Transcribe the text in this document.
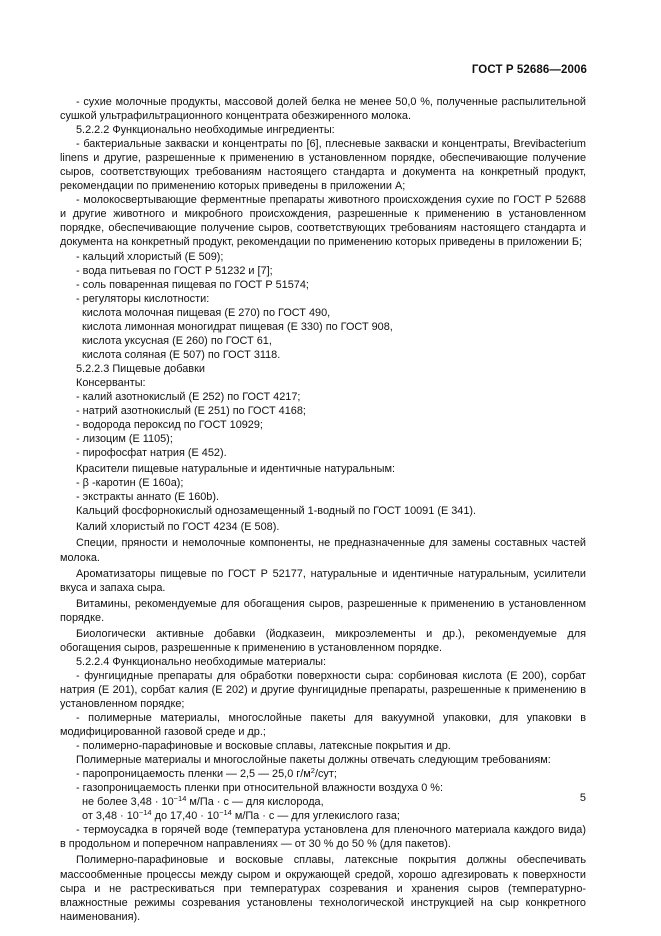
ГОСТ Р 52686—2006

- сухие молочные продукты, массовой долей белка не менее 50,0 %, полученные распылительной сушкой ультрафильтрационного концентрата обезжиренного молока.

5.2.2.2 Функционально необходимые ингредиенты:

- бактериальные закваски и концентраты по [6], плесневые закваски и концентраты, Brevibacterium linens и другие, разрешенные к применению в установленном порядке, обеспечивающие получение сыров, соответствующих требованиям настоящего стандарта и документа на конкретный продукт, рекомендации по применению которых приведены в приложении А;

- молокосвертывающие ферментные препараты животного происхождения сухие по ГОСТ Р 52688 и другие животного и микробного происхождения, разрешенные к применению в установленном порядке, обеспечивающие получение сыров, соответствующих требованиям настоящего стандарта и документа на конкретный продукт, рекомендации по применению которых приведены в приложении Б;

- кальций хлористый (Е 509);

- вода питьевая по ГОСТ Р 51232 и [7];

- соль поваренная пищевая по ГОСТ Р 51574;

- регуляторы кислотности:

кислота молочная пищевая (Е 270) по ГОСТ 490,

кислота лимонная моногидрат пищевая (Е 330) по ГОСТ 908,

кислота уксусная (Е 260) по ГОСТ 61,

кислота соляная (Е 507) по ГОСТ 3118.

5.2.2.3 Пищевые добавки

Консерванты:

- калий азотнокислый (Е 252) по ГОСТ 4217;

- натрий азотнокислый (Е 251) по ГОСТ 4168;

- водорода пероксид по ГОСТ 10929;

- лизоцим (Е 1105);

- пирофосфат натрия (Е 452).

Красители пищевые натуральные и идентичные натуральным:

- β -каротин (Е 160а);

- экстракты аннато (Е 160b).

Кальций фосфорнокислый однозамещенный 1-водный по ГОСТ 10091 (Е 341).

Калий хлористый по ГОСТ 4234 (Е 508).

Специи, пряности и немолочные компоненты, не предназначенные для замены составных частей молока.

Ароматизаторы пищевые по ГОСТ Р 52177, натуральные и идентичные натуральным, усилители вкуса и запаха сыра.

Витамины, рекомендуемые для обогащения сыров, разрешенные к применению в установленном порядке.

Биологически активные добавки (йодказеин, микроэлементы и др.), рекомендуемые для обогащения сыров, разрешенные к применению в установленном порядке.

5.2.2.4 Функционально необходимые материалы:

- фунгицидные препараты для обработки поверхности сыра: сорбиновая кислота (Е 200), сорбат натрия (Е 201), сорбат калия (Е 202) и другие фунгицидные препараты, разрешенные к применению в установленном порядке;

- полимерные материалы, многослойные пакеты для вакуумной упаковки, для упаковки в модифицированной газовой среде и др.;

- полимерно-парафиновые и восковые сплавы, латексные покрытия и др.

Полимерные материалы и многослойные пакеты должны отвечать следующим требованиям:

- паропроницаемость пленки — 2,5 — 25,0 $г/м^2$/сут;

- газопроницаемость пленки при относительной влажности воздуха 0 %:

не более $3,48 \cdot 10^{-14}$ м/Па · с — для кислорода,

от $3,48 \cdot 10^{-14}$ до $17,40 \cdot 10^{-14}$ м/Па · с — для углекислого газа;

- термоусадка в горячей воде (температура установлена для пленочного материала каждого вида) в продольном и поперечном направлениях — от 30 % до 50 % (для пакетов).

Полимерно-парафиновые и восковые сплавы, латексные покрытия должны обеспечивать массообменные процессы между сыром и окружающей средой, хорошо адгезировать к поверхности сыра и не растрескиваться при температурах созревания и хранения сыров (температурно-влажностные режимы созревания установлены технологической инструкцией на сыр конкретного наименования).

5
